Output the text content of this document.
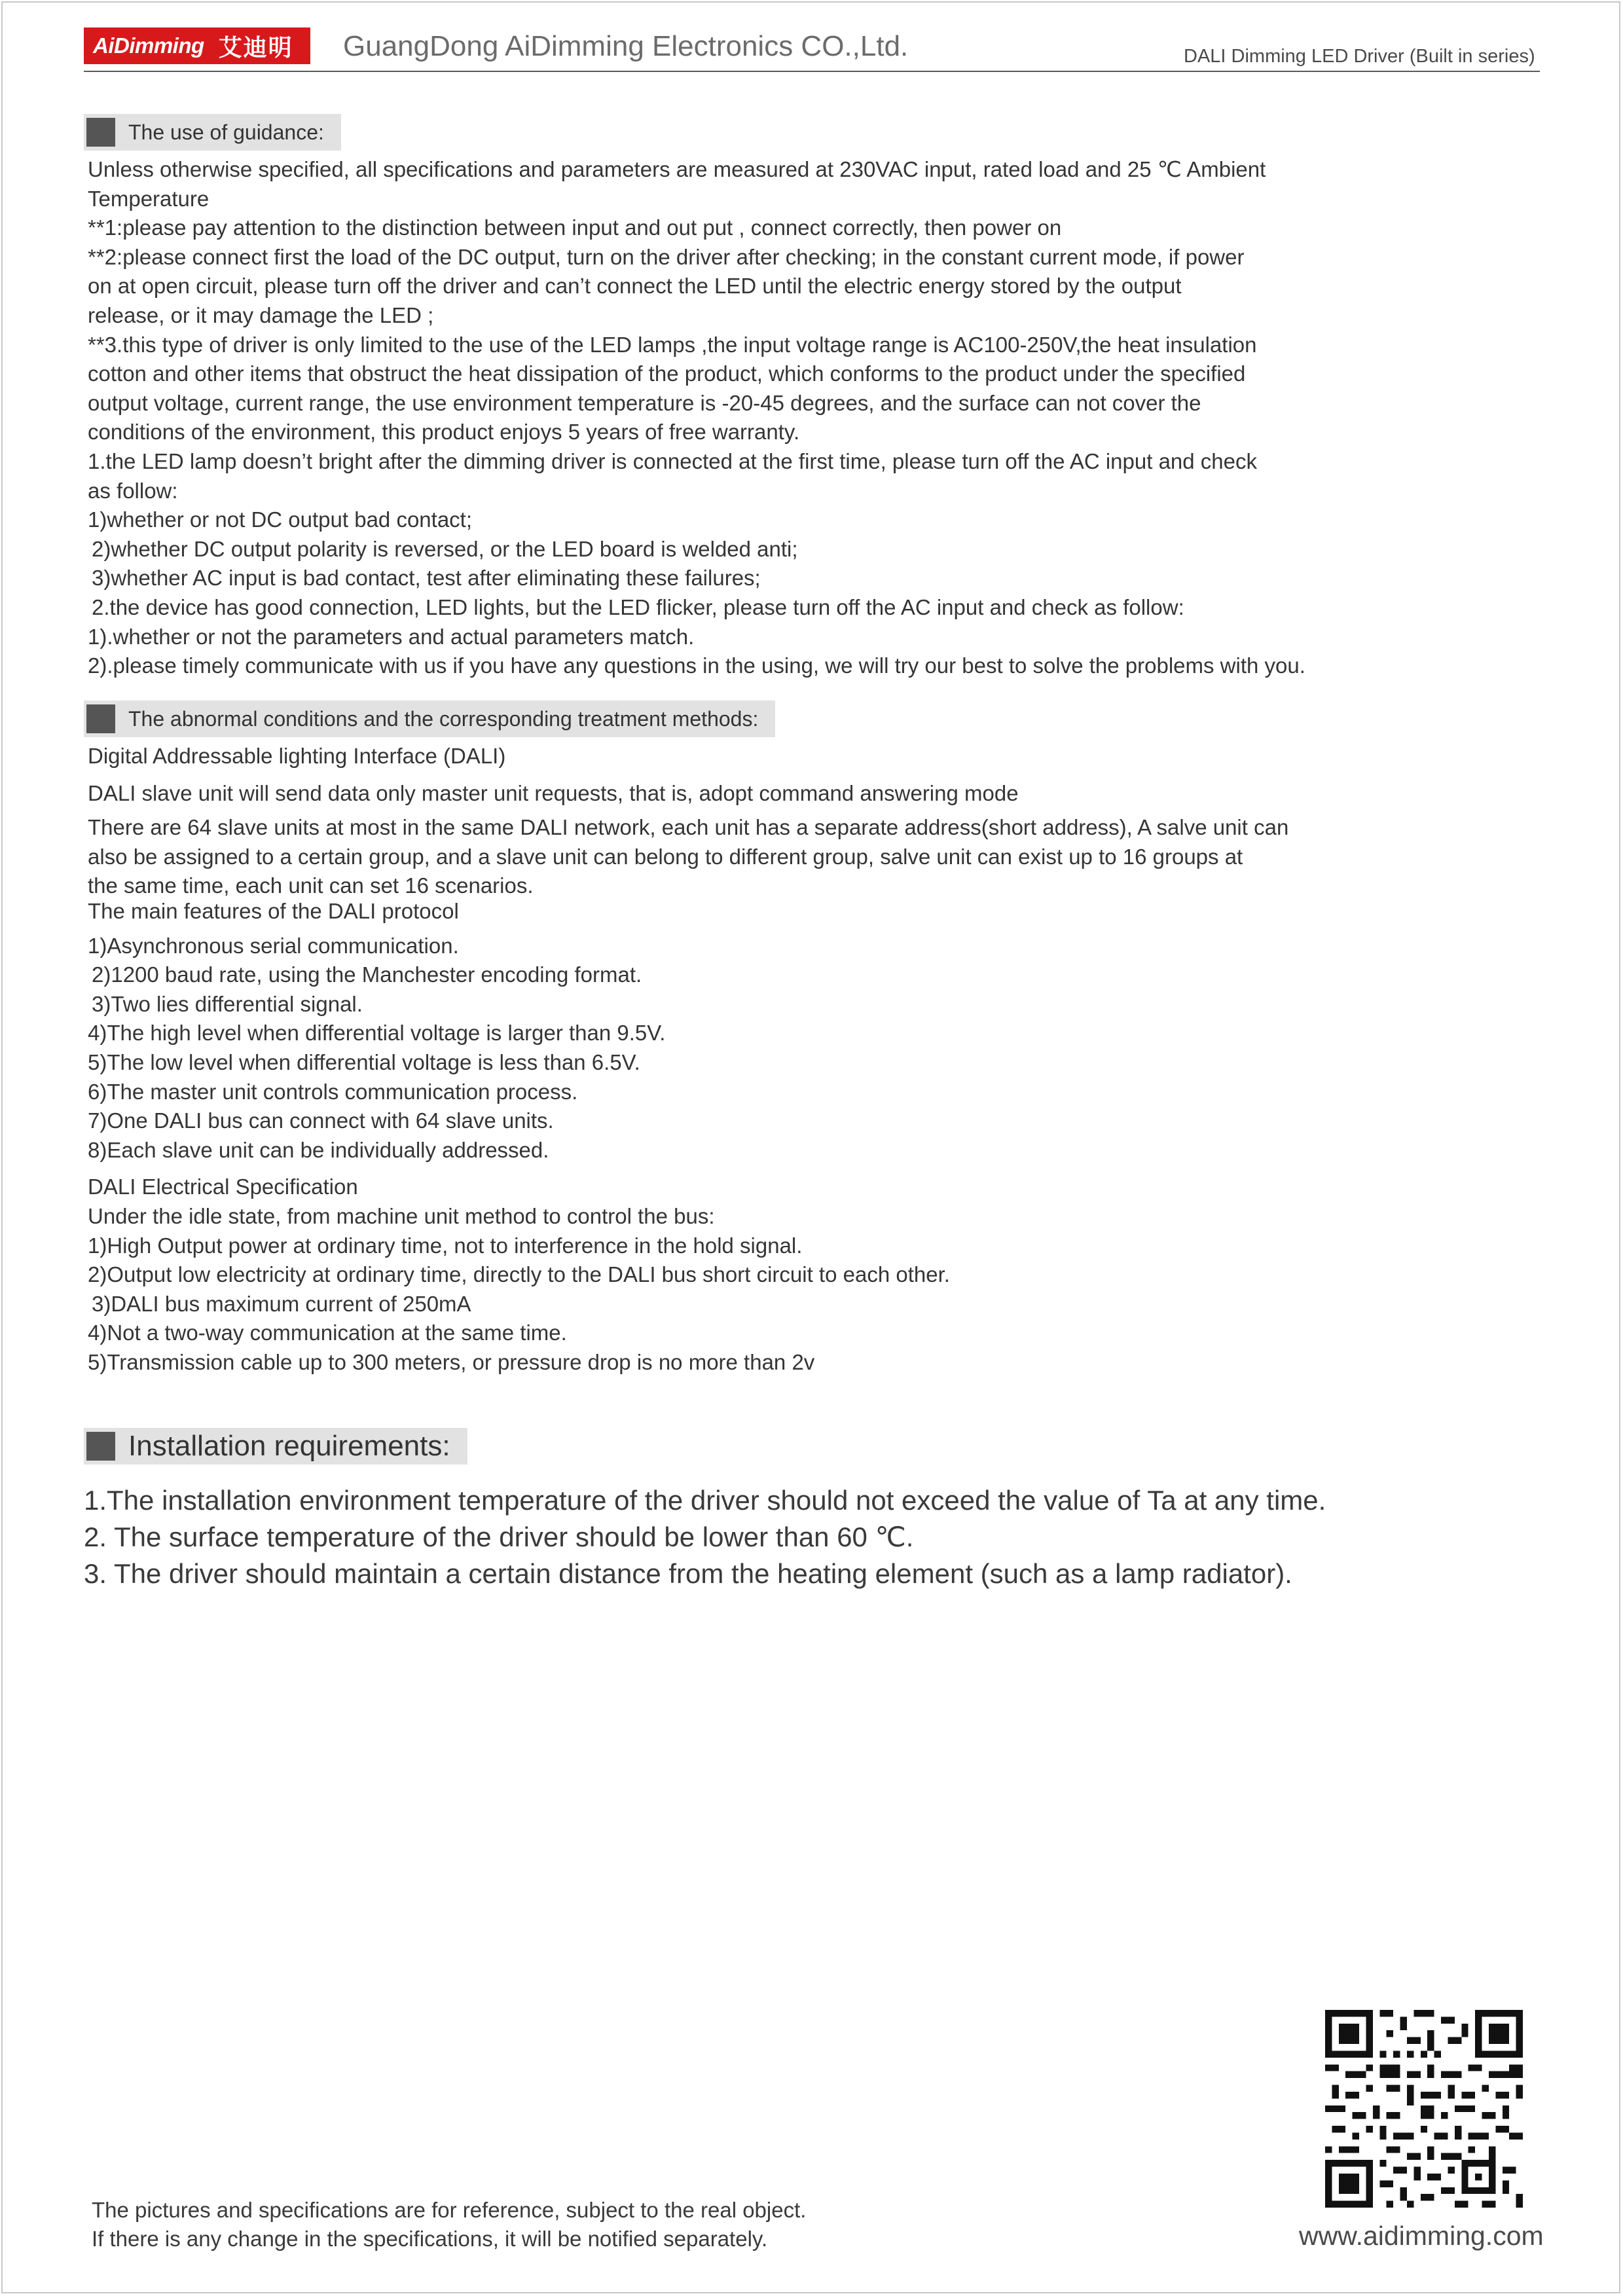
AiDimming 艾迪明 GuangDong AiDimming Electronics CO.,Ltd.	DALI Dimming LED Driver (Built in series)
The use of guidance:
Unless otherwise specified, all specifications and parameters are measured at 230VAC input, rated load and 25 ℃ Ambient
Temperature
**1:please pay attention to the distinction between input and out put , connect correctly, then power on
**2:please connect first the load of the DC output, turn on the driver after checking; in the constant current mode, if power
on at open circuit, please turn off the driver and can’t connect the LED until the electric energy stored by the output
release, or it may damage the LED ;
**3.this type of driver is only limited to the use of the LED lamps ,the input voltage range is AC100-250V,the heat insulation
cotton and other items that obstruct the heat dissipation of the product, which conforms to the product under the specified
output voltage, current range, the use environment temperature is -20-45 degrees, and the surface can not cover the
conditions of the environment, this product enjoys 5 years of free warranty.
1.the LED lamp doesn’t bright after the dimming driver is connected at the first time, please turn off the AC input and check
as follow:
1)whether or not DC output bad contact;
2)whether DC output polarity is reversed, or the LED board is welded anti;
3)whether AC input is bad contact, test after eliminating these failures;
2.the device has good connection, LED lights, but the LED flicker, please turn off the AC input and check as follow:
1).whether or not the parameters and actual parameters match.
2).please timely communicate with us if you have any questions in the using, we will try our best to solve the problems with you.
The abnormal conditions and the corresponding treatment methods:
Digital Addressable lighting Interface (DALI)
DALI slave unit will send data only master unit requests, that is, adopt command answering mode
There are 64 slave units at most in the same DALI network, each unit has a separate address(short address), A salve unit can
also be assigned to a certain group, and a slave unit can belong to different group, salve unit can exist up to 16 groups at
the same time, each unit can set 16 scenarios.
The main features of the DALI protocol
1)Asynchronous serial communication.
2)1200 baud rate, using the Manchester encoding format.
3)Two lies differential signal.
4)The high level when differential voltage is larger than 9.5V.
5)The low level when differential voltage is less than 6.5V.
6)The master unit controls communication process.
7)One DALI bus can connect with 64 slave units.
8)Each slave unit can be individually addressed.
DALI Electrical Specification
Under the idle state, from machine unit method to control the bus:
1)High Output power at ordinary time, not to interference in the hold signal.
2)Output low electricity at ordinary time, directly to the DALI bus short circuit to each other.
3)DALI bus maximum current of 250mA
4)Not a two-way communication at the same time.
5)Transmission cable up to 300 meters, or pressure drop is no more than 2v
Installation requirements:
1.The installation environment temperature of the driver should not exceed the value of Ta at any time.
2. The surface temperature of the driver should be lower than 60 ℃.
3. The driver should maintain a certain distance from the heating element (such as a lamp radiator).
www.aidimming.com
The pictures and specifications are for reference, subject to the real object.
If there is any change in the specifications, it will be notified separately.
